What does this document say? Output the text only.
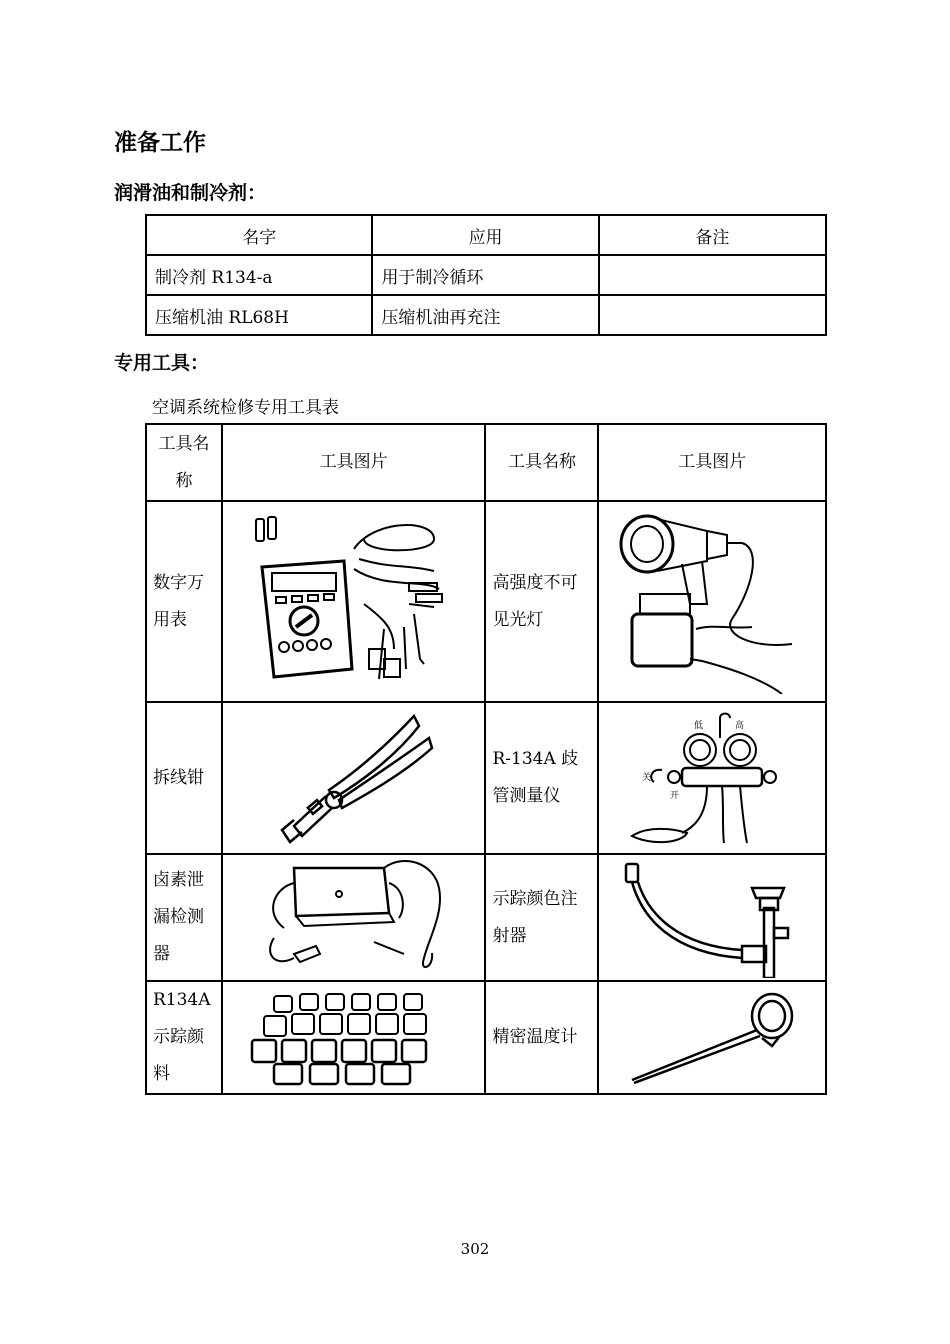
准备工作
润滑油和制冷剂：
名字	应用	备注
制冷剂 R134-a	用于制冷循环	
压缩机油 RL68H	压缩机油再充注	
专用工具：
空调系统检修专用工具表
工具名称	工具图片	工具名称	工具图片
数字万用表		高强度不可见光灯	

拆线钳		R-134A 歧管测量仪	低 高
关
开

卤素泄漏检测器		示踪颜色注射器	

R134A示踪颜料		精密温度计	
302
